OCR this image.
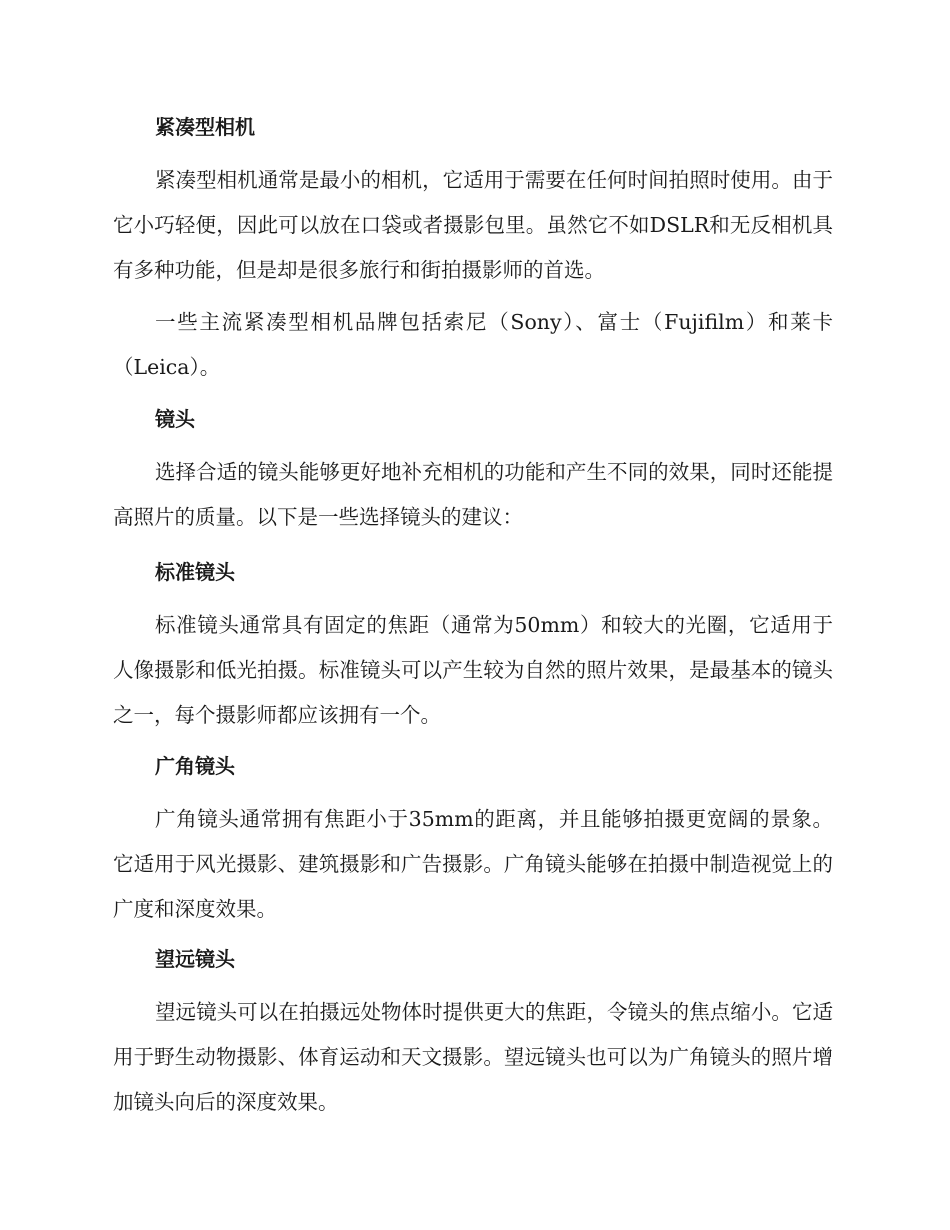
紧凑型相机

紧凑型相机通常是最小的相机，它适用于需要在任何时间拍照时使用。由于它小巧轻便，因此可以放在口袋或者摄影包里。虽然它不如DSLR和无反相机具有多种功能，但是却是很多旅行和街拍摄影师的首选。

一些主流紧凑型相机品牌包括索尼（Sony）、富士（Fujifilm）和莱卡（Leica）。

镜头

选择合适的镜头能够更好地补充相机的功能和产生不同的效果，同时还能提高照片的质量。以下是一些选择镜头的建议：

标准镜头

标准镜头通常具有固定的焦距（通常为50mm）和较大的光圈，它适用于人像摄影和低光拍摄。标准镜头可以产生较为自然的照片效果，是最基本的镜头之一，每个摄影师都应该拥有一个。

广角镜头

广角镜头通常拥有焦距小于35mm的距离，并且能够拍摄更宽阔的景象。它适用于风光摄影、建筑摄影和广告摄影。广角镜头能够在拍摄中制造视觉上的广度和深度效果。

望远镜头

望远镜头可以在拍摄远处物体时提供更大的焦距，令镜头的焦点缩小。它适用于野生动物摄影、体育运动和天文摄影。望远镜头也可以为广角镜头的照片增加镜头向后的深度效果。
